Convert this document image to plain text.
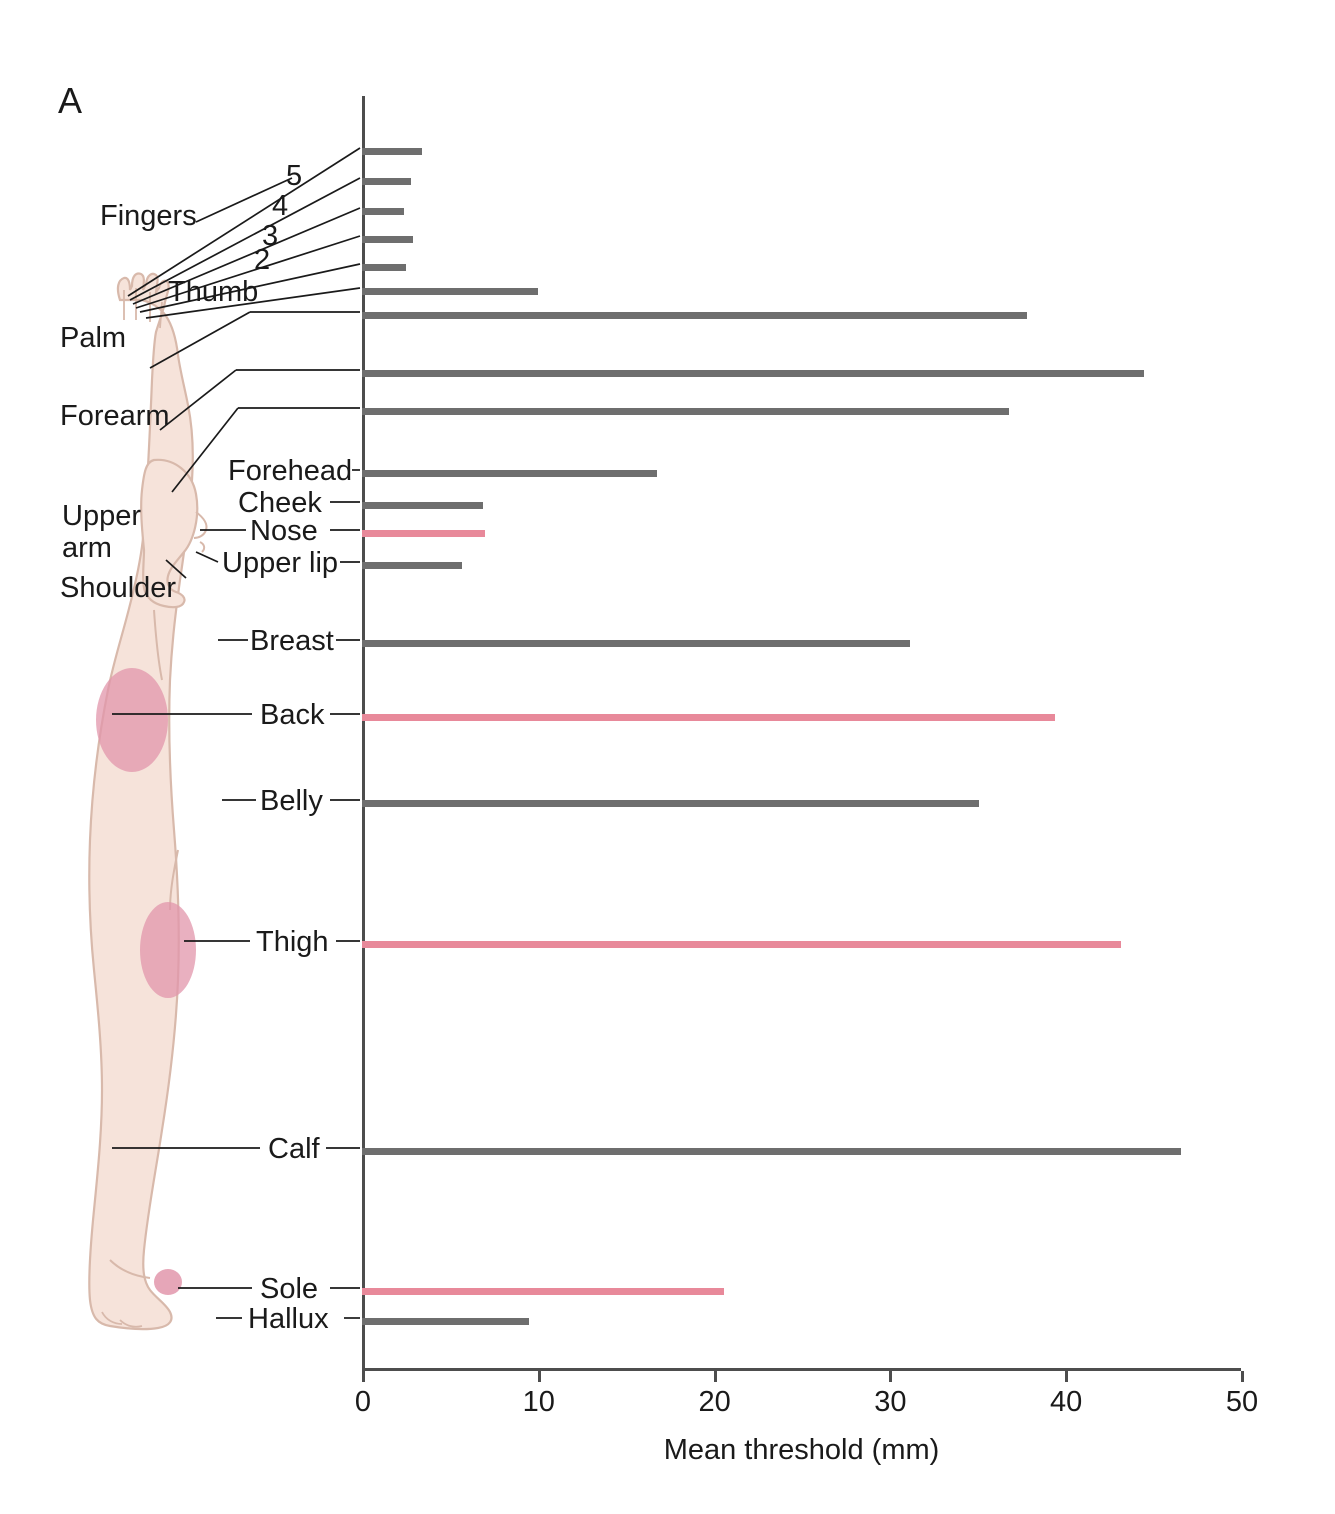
A
Fingers
5
4
3
2
Thumb
Palm
Forearm
Upper
arm
Shoulder
Forehead
Cheek
Nose
Upper lip
Breast
Back
Belly
Thigh
Calf
Sole
Hallux
0	10	20	30	40	50
Mean threshold (mm)
